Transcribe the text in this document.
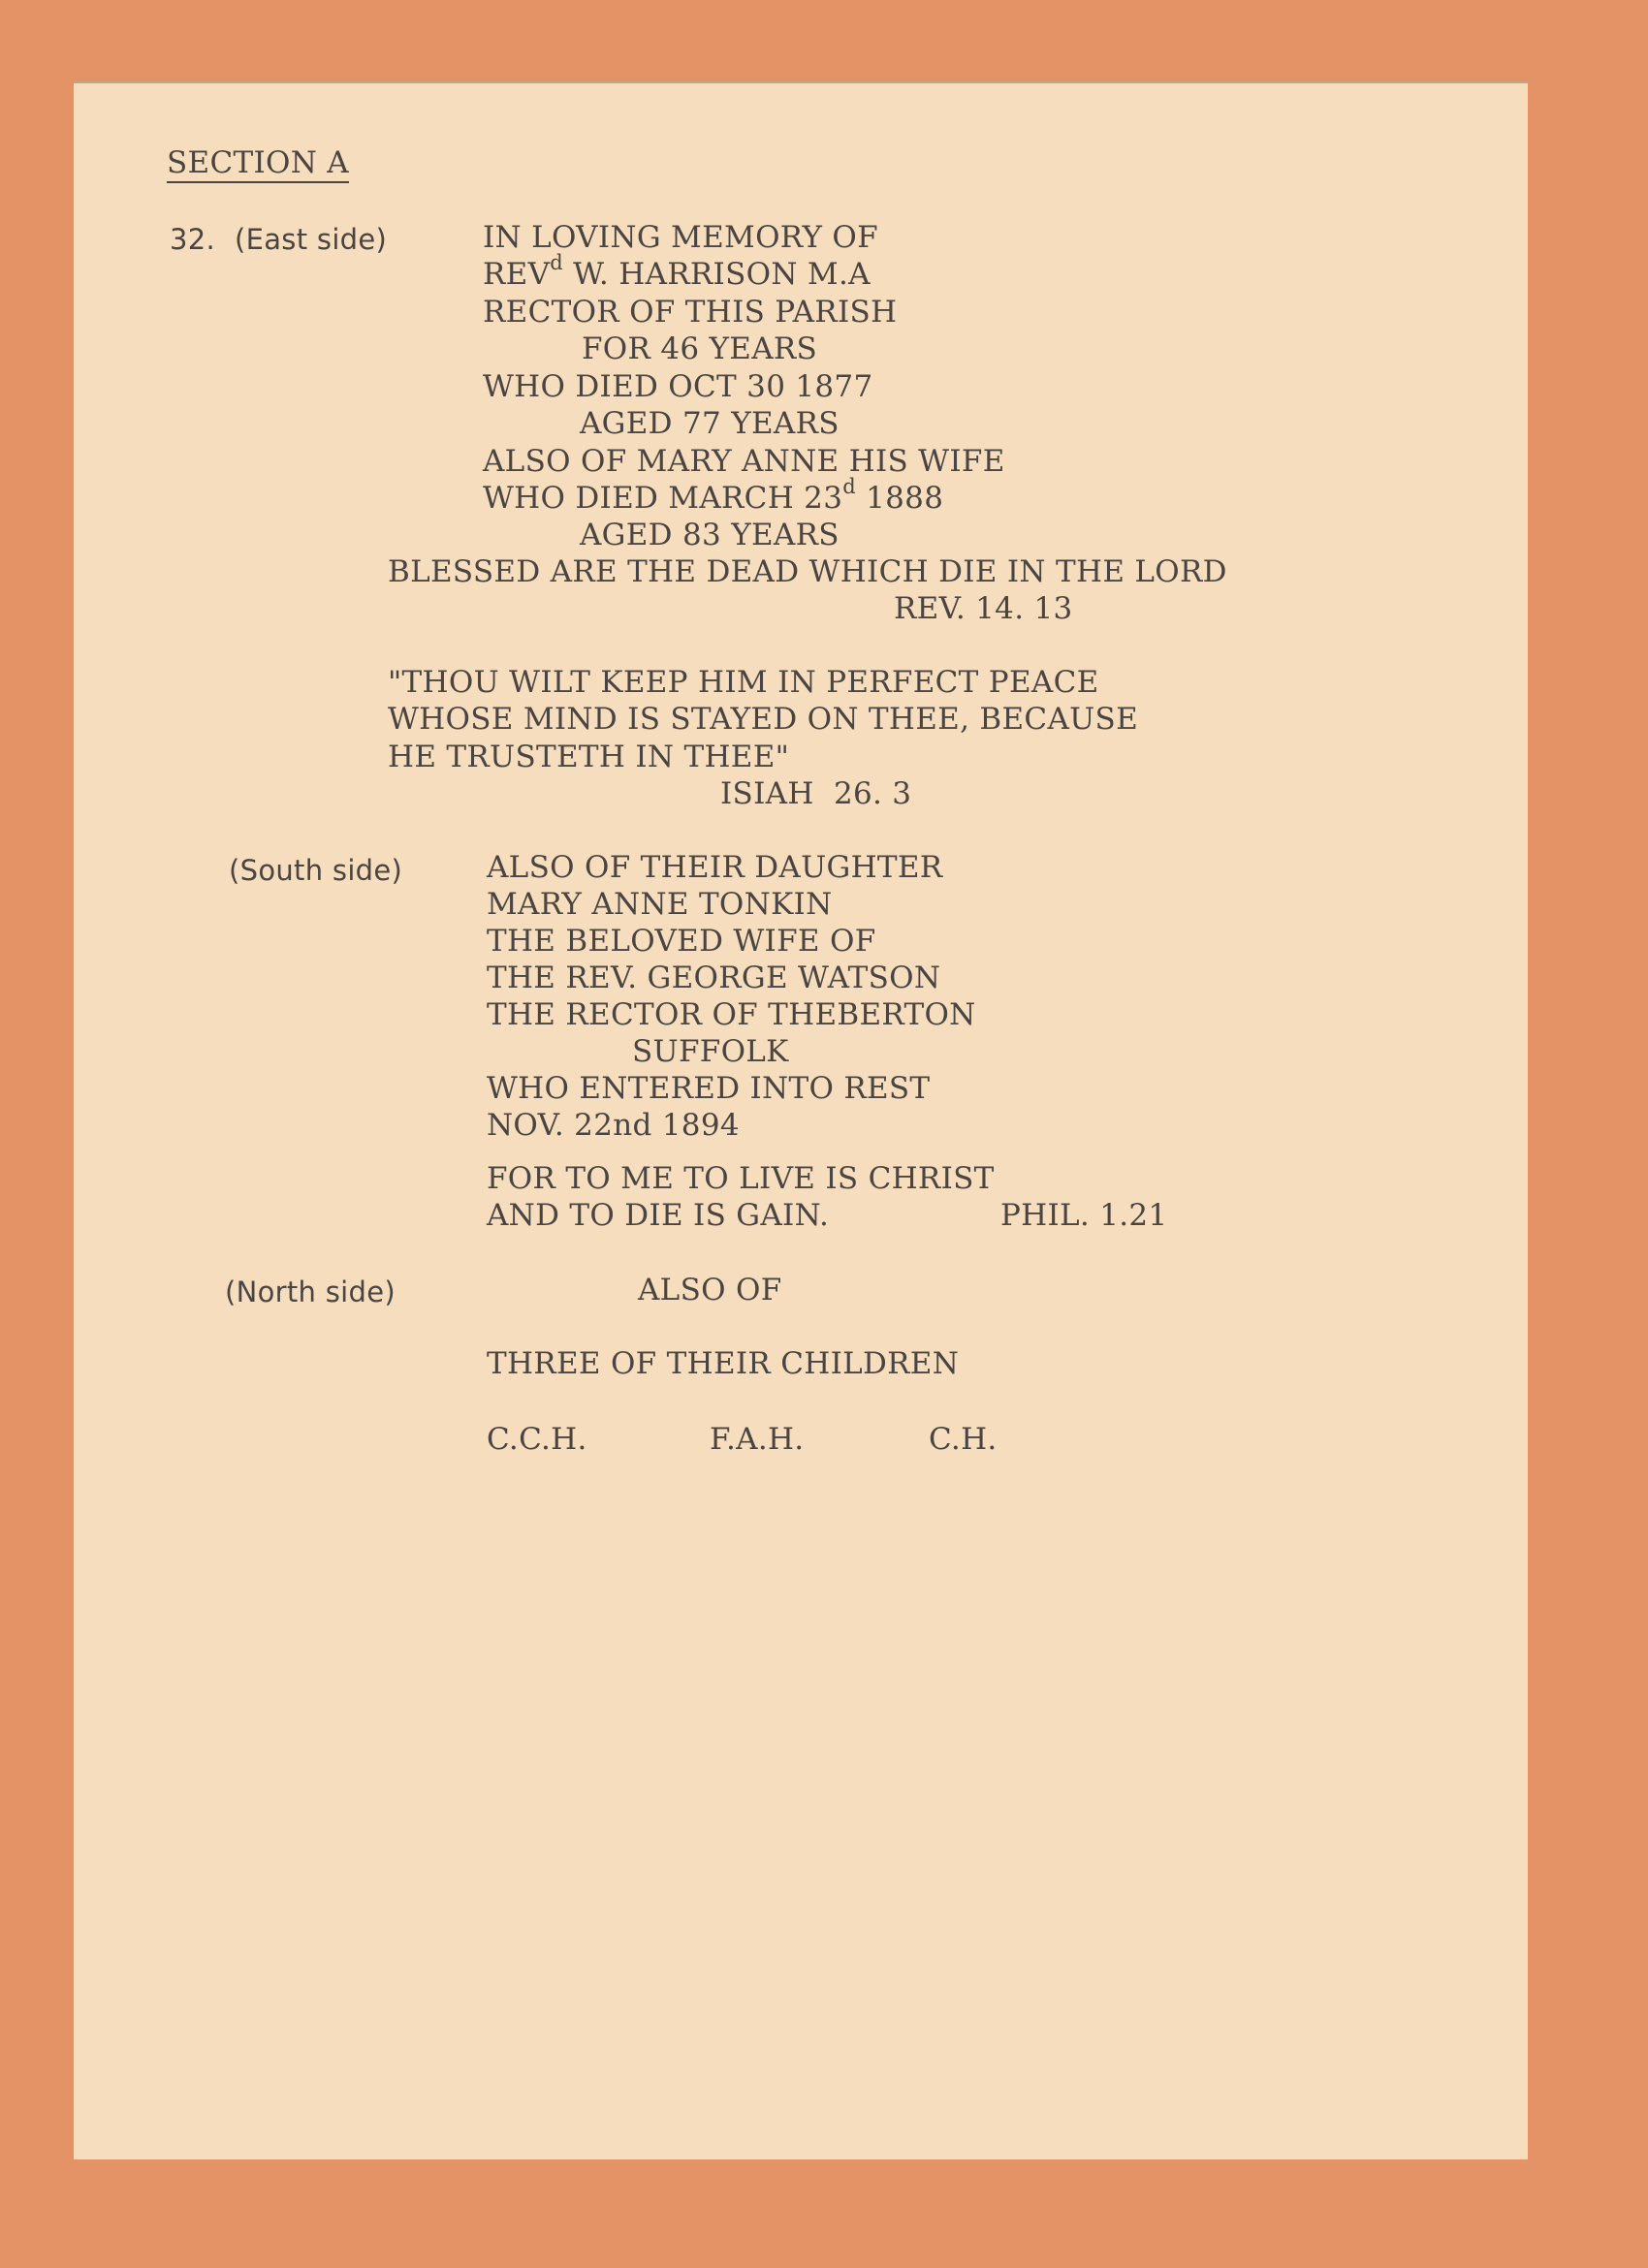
SECTION A
32. (East side)	IN LOVING MEMORY OF
REV$^d$ W. HARRISON M.A
RECTOR OF THIS PARISH
FOR 46 YEARS
WHO DIED OCT 30 1877
AGED 77 YEARS
ALSO OF MARY ANNE HIS WIFE
WHO DIED MARCH 23$^d$ 1888
AGED 83 YEARS
BLESSED ARE THE DEAD WHICH DIE IN THE LORD
REV. 14. 13
"THOU WILT KEEP HIM IN PERFECT PEACE
WHOSE MIND IS STAYED ON THEE, BECAUSE
HE TRUSTETH IN THEE"
ISIAH  26. 3
(South side)	ALSO OF THEIR DAUGHTER
MARY ANNE TONKIN
THE BELOVED WIFE OF
THE REV. GEORGE WATSON
THE RECTOR OF THEBERTON
SUFFOLK
WHO ENTERED INTO REST
NOV. 22nd 1894
FOR TO ME TO LIVE IS CHRIST
AND TO DIE IS GAIN.	PHIL. 1.21
(North side)	ALSO OF
THREE OF THEIR CHILDREN
C.C.H.	F.A.H.	C.H.
